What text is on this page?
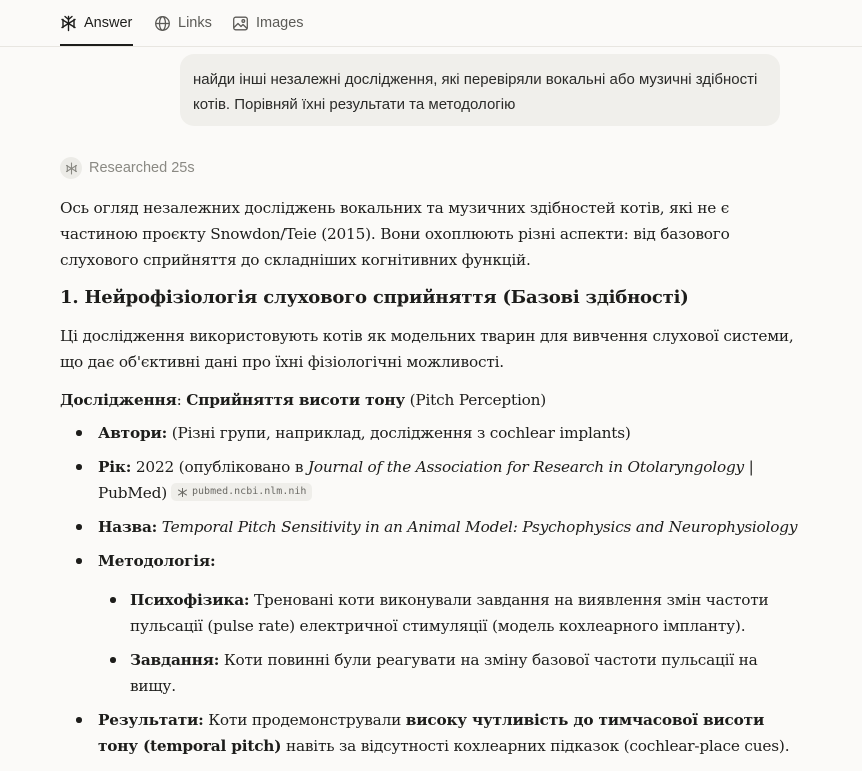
Answer	Links	Images
найди інші незалежні дослідження, які перевіряли вокальні або музичні здібності котів. Порівняй їхні результати та методологію
Researched 25s

Ось огляд незалежних досліджень вокальних та музичних здібностей котів, які не є частиною проєкту Snowdon/Teie (2015). Вони охоплюють різні аспекти: від базового слухового сприйняття до складніших когнітивних функцій.

1. Нейрофізіологія слухового сприйняття (Базові здібності)

Ці дослідження використовують котів як модельних тварин для вивчення слухової системи, що дає об'єктивні дані про їхні фізіологічні можливості.

Дослідження: Сприйняття висоти тону (Pitch Perception)

Автори: (Різні групи, наприклад, дослідження з cochlear implants)
Рік: 2022 (опубліковано в Journal of the Association for Research in Otolaryngology | PubMed)	pubmed.ncbi.nlm.nih
Назва: Temporal Pitch Sensitivity in an Animal Model: Psychophysics and Neurophysiology
Методологія:
Психофізика: Треновані коти виконували завдання на виявлення змін частоти пульсації (pulse rate) електричної стимуляції (модель кохлеарного імпланту).
Завдання: Коти повинні були реагувати на зміну базової частоти пульсації на вищу.
Результати: Коти продемонстрували високу чутливість до тимчасової висоти тону (temporal pitch) навіть за відсутності кохлеарних підказок (cochlear-place cues).
